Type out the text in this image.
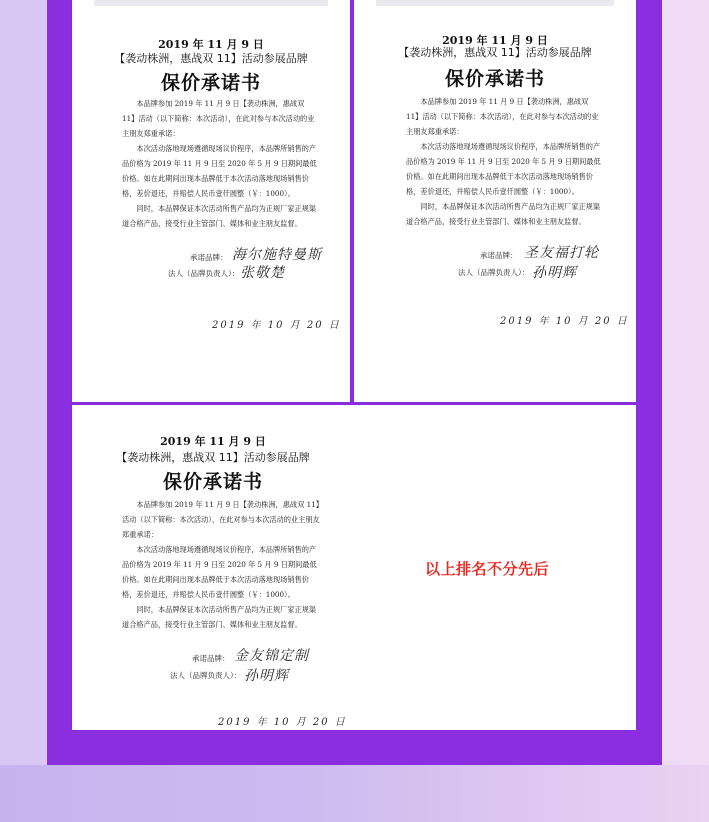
2019 年 11 月 9 日
【袭动株洲，惠战双 11】活动参展品牌
保价承诺书

本品牌参加 2019 年 11 月 9 日【袭动株洲，惠战双 11】活动（以下简称：本次活动），在此对参与本次活动的业主朋友郑重承诺：

本次活动落地现场遵循现场议价程序，本品牌所销售的产品价格为 2019 年 11 月 9 日至 2020 年 5 月 9 日期间最低价格。如在此期间出现本品牌低于本次活动落地现场销售价格，差价退还，并赔偿人民币壹仟圆整（￥：1000）。

同时，本品牌保证本次活动所售产品均为正规厂家正规渠道合格产品，接受行业主管部门、媒体和业主朋友监督。

承诺品牌： 海尔施特曼斯
法人（品牌负责人）： 张敬楚
2019 年 10 月 20 日
2019 年 11 月 9 日
【袭动株洲，惠战双 11】活动参展品牌
保价承诺书

本品牌参加 2019 年 11 月 9 日【袭动株洲，惠战双 11】活动（以下简称：本次活动），在此对参与本次活动的业主朋友郑重承诺：

本次活动落地现场遵循现场议价程序，本品牌所销售的产品价格为 2019 年 11 月 9 日至 2020 年 5 月 9 日期间最低价格。如在此期间出现本品牌低于本次活动落地现场销售价格，差价退还，并赔偿人民币壹仟圆整（￥：1000）。

同时，本品牌保证本次活动所售产品均为正规厂家正规渠道合格产品，接受行业主管部门、媒体和业主朋友监督。

承诺品牌： 圣友福打轮
法人（品牌负责人）： 孙明辉
2019 年 10 月 20 日
2019 年 11 月 9 日
【袭动株洲，惠战双 11】活动参展品牌
保价承诺书

本品牌参加 2019 年 11 月 9 日【袭动株洲，惠战双 11】活动（以下简称：本次活动），在此对参与本次活动的业主朋友郑重承诺：

本次活动落地现场遵循现场议价程序，本品牌所销售的产品价格为 2019 年 11 月 9 日至 2020 年 5 月 9 日期间最低价格。如在此期间出现本品牌低于本次活动落地现场销售价格，差价退还，并赔偿人民币壹仟圆整（￥：1000）。

同时，本品牌保证本次活动所售产品均为正规厂家正规渠道合格产品，接受行业主管部门、媒体和业主朋友监督。

承诺品牌： 金友锦定制
法人（品牌负责人）： 孙明辉
2019 年 10 月 20 日
以上排名不分先后
